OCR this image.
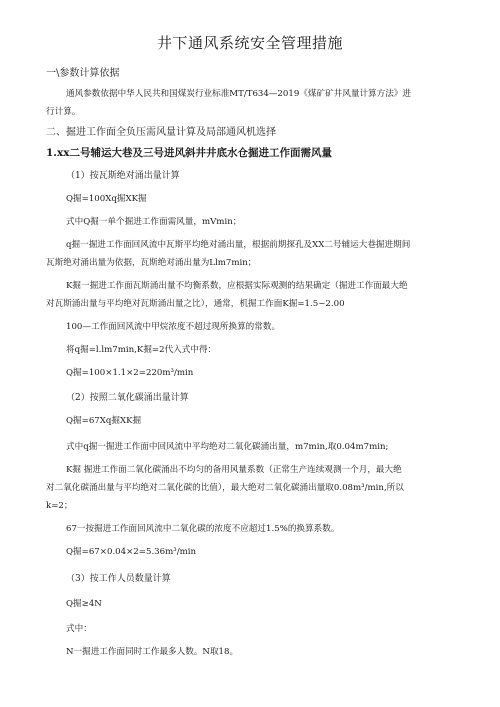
井下通风系统安全管理措施
一\参数计算依据
通风参数依据中华人民共和国煤炭行业标准MT/T634—2019《煤矿矿井风量计算方法》进
行计算。
二、掘进工作面全负压需风量计算及局部通风机选择
1.xx二号辅运大巷及三号进风斜井井底水仓掘进工作面需风量
（1）按瓦斯绝对涌出量计算
Q掘=100Xq掘XK掘
式中Q掘一单个掘进工作面需风量，mVmin；
q掘一掘进工作面回风流中瓦斯平均绝对涌出量，根据前期探孔及XX二号辅运大巷掘进期间
瓦斯绝对涌出量为依据，瓦斯绝对涌出量为Llm7min；
K掘一掘进工作面瓦斯涌出量不均衡系数，应根据实际观测的结果确定（掘进工作面最大绝
对瓦斯涌出量与平均绝对瓦斯涌出量之比），通常，机掘工作面K掘=1.5~2.00
100—工作面回风流中甲烷浓度不超过现所换算的常数。
将q掘=l.lm7min,K掘=2代入式中得：
Q掘=100×1.1×2=220m³/min
（2）按照二氧化碳涌出量计算
Q掘=67Xq掘XK掘
式中q掘一掘进工作面中回风流中平均绝对二氧化碳涌出量，m7min,取0.04m7min;
K掘 掘进工作面二氧化碳涌出不均匀的备用风量系数（正常生产连续观测一个月，最大绝
对二氧化碳涌出量与平均绝对二氧化碳的比值），最大绝对二氧化碳涌出量取0.08m³/min,所以
k=2；
67一按掘进工作面回风流中二氧化碳的浓度不应超过1.5%的换算系数。
Q掘=67×0.04×2=5.36m³/min
（3）按工作人员数量计算
Q掘≥4N
式中：
N一掘进工作面同时工作最多人数。N取18。
